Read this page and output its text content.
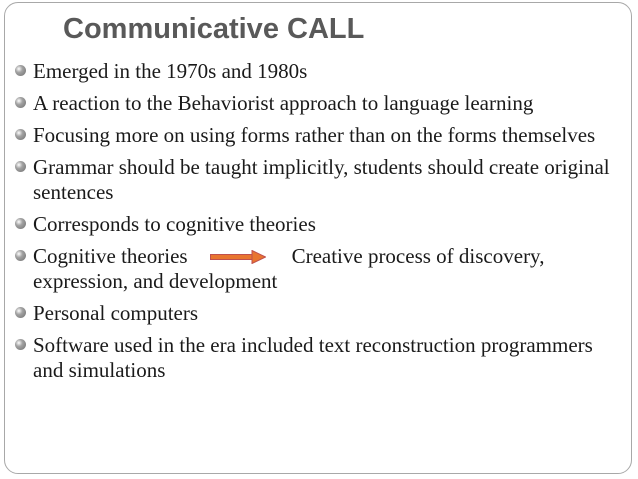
Communicative CALL
Emerged in the 1970s and 1980s
A reaction to the Behaviorist approach to language learning
Focusing more on using forms rather than on the forms themselves
Grammar should be taught implicitly, students should create original sentences
Corresponds to cognitive theories
Cognitive theories	Creative process of discovery,
expression, and development
Personal computers
Software used in the era included text reconstruction programmers and simulations
